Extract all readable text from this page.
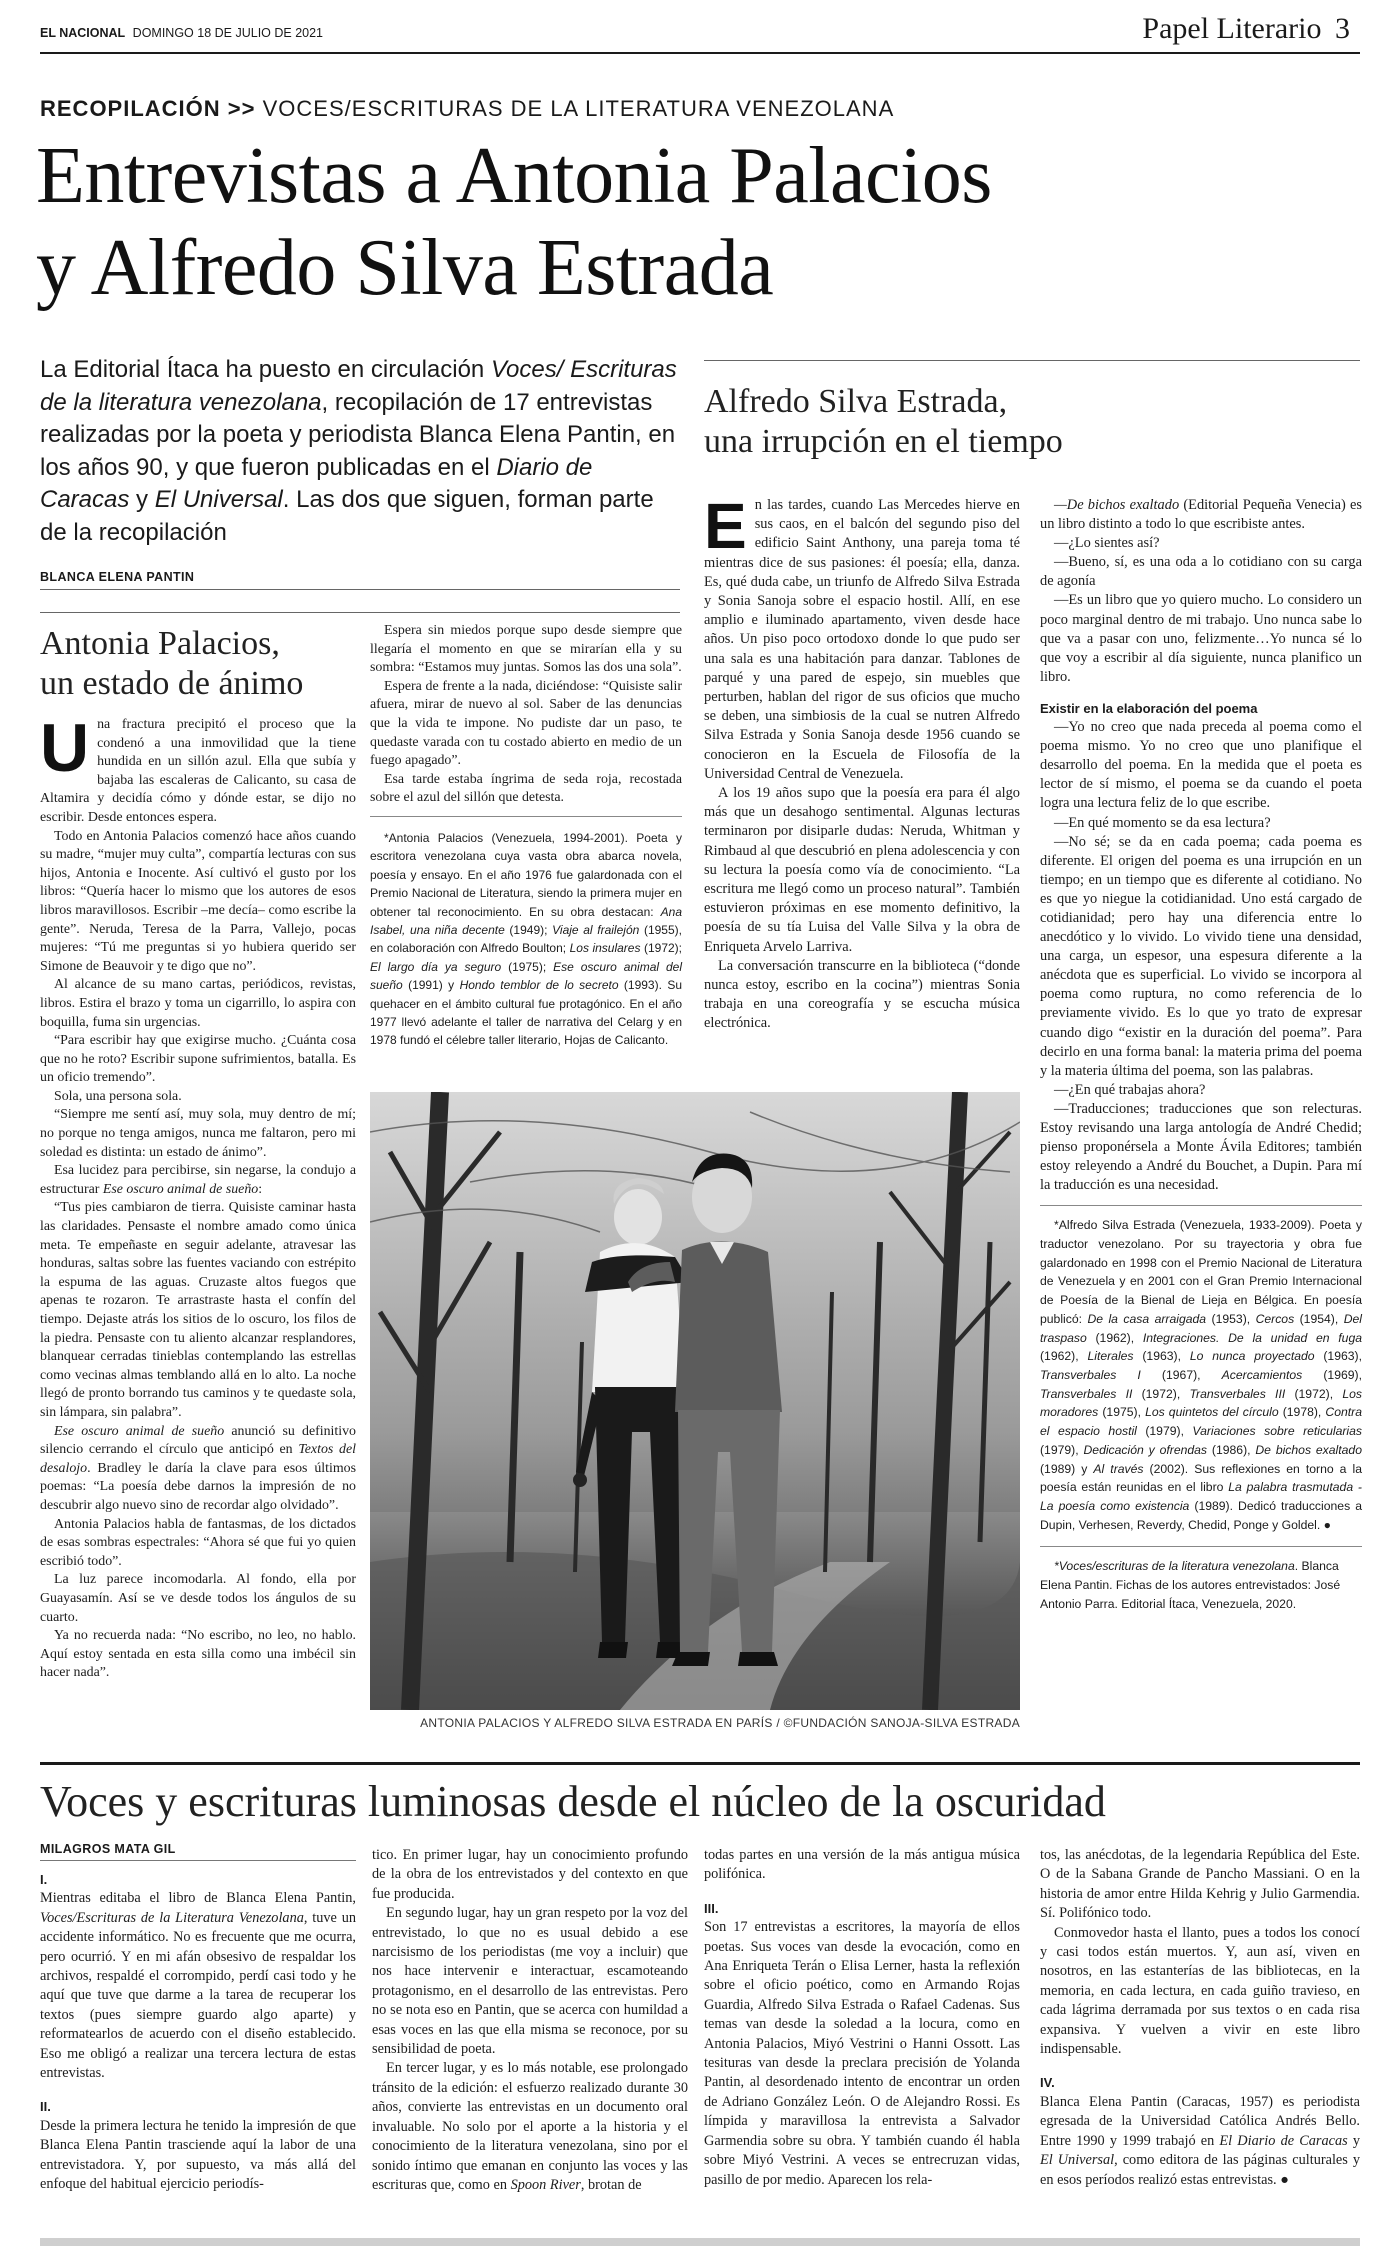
EL NACIONAL DOMINGO 18 DE JULIO DE 2021	Papel Literario 3
RECOPILACIÓN >> VOCES/ESCRITURAS DE LA LITERATURA VENEZOLANA
Entrevistas a Antonia Palacios
y Alfredo Silva Estrada
La Editorial Ítaca ha puesto en circulación Voces/ Escrituras de la literatura venezolana, recopilación de 17 entrevistas realizadas por la poeta y periodista Blanca Elena Pantin, en los años 90, y que fueron publicadas en el Diario de Caracas y El Universal. Las dos que siguen, forman parte de la recopilación
BLANCA ELENA PANTIN
Antonia Palacios,
un estado de ánimo
U na fractura precipitó el proceso que la condenó a una inmovilidad que la tiene hundida en un sillón azul. Ella que subía y bajaba las escaleras de Calicanto, su casa de Altamira y decidía cómo y dónde estar, se dijo no escribir. Desde entonces espera.

Todo en Antonia Palacios comenzó hace años cuando su madre, “mujer muy culta”, compartía lecturas con sus hijos, Antonia e Inocente. Así cultivó el gusto por los libros: “Quería hacer lo mismo que los autores de esos libros maravillosos. Escribir –me decía– como escribe la gente”. Neruda, Teresa de la Parra, Vallejo, pocas mujeres: “Tú me preguntas si yo hubiera querido ser Simone de Beauvoir y te digo que no”.

Al alcance de su mano cartas, periódicos, revistas, libros. Estira el brazo y toma un cigarrillo, lo aspira con boquilla, fuma sin urgencias.

“Para escribir hay que exigirse mucho. ¿Cuánta cosa que no he roto? Escribir supone sufrimientos, batalla. Es un oficio tremendo”.

Sola, una persona sola.

“Siempre me sentí así, muy sola, muy dentro de mí; no porque no tenga amigos, nunca me faltaron, pero mi soledad es distinta: un estado de ánimo”.

Esa lucidez para percibirse, sin negarse, la condujo a estructurar Ese oscuro animal de sueño:

“Tus pies cambiaron de tierra. Quisiste caminar hasta las claridades. Pensaste el nombre amado como única meta. Te empeñaste en seguir adelante, atravesar las honduras, saltas sobre las fuentes vaciando con estrépito la espuma de las aguas. Cruzaste altos fuegos que apenas te rozaron. Te arrastraste hasta el confín del tiempo. Dejaste atrás los sitios de lo oscuro, los filos de la piedra. Pensaste con tu aliento alcanzar resplandores, blanquear cerradas tinieblas contemplando las estrellas como vecinas almas temblando allá en lo alto. La noche llegó de pronto borrando tus caminos y te quedaste sola, sin lámpara, sin palabra”.

Ese oscuro animal de sueño anunció su definitivo silencio cerrando el círculo que anticipó en Textos del desalojo. Bradley le daría la clave para esos últimos poemas: “La poesía debe darnos la impresión de no descubrir algo nuevo sino de recordar algo olvidado”.

Antonia Palacios habla de fantasmas, de los dictados de esas sombras espectrales: “Ahora sé que fui yo quien escribió todo”.

La luz parece incomodarla. Al fondo, ella por Guayasamín. Así se ve desde todos los ángulos de su cuarto.

Ya no recuerda nada: “No escribo, no leo, no hablo. Aquí estoy sentada en esta silla como una imbécil sin hacer nada”.

Espera sin miedos porque supo desde siempre que llegaría el momento en que se mirarían ella y su sombra: “Estamos muy juntas. Somos las dos una sola”.

Espera de frente a la nada, diciéndose: “Quisiste salir afuera, mirar de nuevo al sol. Saber de las denuncias que la vida te impone. No pudiste dar un paso, te quedaste varada con tu costado abierto en medio de un fuego apagado”.

Esa tarde estaba íngrima de seda roja, recostada sobre el azul del sillón que detesta.

*Antonia Palacios (Venezuela, 1994-2001). Poeta y escritora venezolana cuya vasta obra abarca novela, poesía y ensayo. En el año 1976 fue galardonada con el Premio Nacional de Literatura, siendo la primera mujer en obtener tal reconocimiento. En su obra destacan: Ana Isabel, una niña decente (1949); Viaje al frailejón (1955), en colaboración con Alfredo Boulton; Los insulares (1972); El largo día ya seguro (1975); Ese oscuro animal del sueño (1991) y Hondo temblor de lo secreto (1993). Su quehacer en el ámbito cultural fue protagónico. En el año 1977 llevó adelante el taller de narrativa del Celarg y en 1978 fundó el célebre taller literario, Hojas de Calicanto.

Alfredo Silva Estrada,
una irrupción en el tiempo
E n las tardes, cuando Las Mercedes hierve en sus caos, en el balcón del segundo piso del edificio Saint Anthony, una pareja toma té mientras dice de sus pasiones: él poesía; ella, danza. Es, qué duda cabe, un triunfo de Alfredo Silva Estrada y Sonia Sanoja sobre el espacio hostil. Allí, en ese amplio e iluminado apartamento, viven desde hace años. Un piso poco ortodoxo donde lo que pudo ser una sala es una habitación para danzar. Tablones de parqué y una pared de espejo, sin muebles que perturben, hablan del rigor de sus oficios que mucho se deben, una simbiosis de la cual se nutren Alfredo Silva Estrada y Sonia Sanoja desde 1956 cuando se conocieron en la Escuela de Filosofía de la Universidad Central de Venezuela.

A los 19 años supo que la poesía era para él algo más que un desahogo sentimental. Algunas lecturas terminaron por disiparle dudas: Neruda, Whitman y Rimbaud al que descubrió en plena adolescencia y con su lectura la poesía como vía de conocimiento. “La escritura me llegó como un proceso natural”. También estuvieron próximas en ese momento definitivo, la poesía de su tía Luisa del Valle Silva y la obra de Enriqueta Arvelo Larriva.

La conversación transcurre en la biblioteca (“donde nunca estoy, escribo en la cocina”) mientras Sonia trabaja en una coreografía y se escucha música electrónica.

—De bichos exaltado (Editorial Pequeña Venecia) es un libro distinto a todo lo que escribiste antes.

—¿Lo sientes así?

—Bueno, sí, es una oda a lo cotidiano con su carga de agonía

—Es un libro que yo quiero mucho. Lo considero un poco marginal dentro de mi trabajo. Uno nunca sabe lo que va a pasar con uno, felizmente…Yo nunca sé lo que voy a escribir al día siguiente, nunca planifico un libro.

Existir en la elaboración del poema

—Yo no creo que nada preceda al poema como el poema mismo. Yo no creo que uno planifique el desarrollo del poema. En la medida que el poeta es lector de sí mismo, el poema se da cuando el poeta logra una lectura feliz de lo que escribe.

—En qué momento se da esa lectura?

—No sé; se da en cada poema; cada poema es diferente. El origen del poema es una irrupción en un tiempo; en un tiempo que es diferente al cotidiano. No es que yo niegue la cotidianidad. Uno está cargado de cotidianidad; pero hay una diferencia entre lo anecdótico y lo vivido. Lo vivido tiene una densidad, una carga, un espesor, una espesura diferente a la anécdota que es superficial. Lo vivido se incorpora al poema como ruptura, no como referencia de lo previamente vivido. Es lo que yo trato de expresar cuando digo “existir en la duración del poema”. Para decirlo en una forma banal: la materia prima del poema y la materia última del poema, son las palabras.

—¿En qué trabajas ahora?

—Traducciones; traducciones que son relecturas. Estoy revisando una larga antología de André Chedid; pienso proponérsela a Monte Ávila Editores; también estoy releyendo a André du Bouchet, a Dupin. Para mí la traducción es una necesidad.

*Alfredo Silva Estrada (Venezuela, 1933-2009). Poeta y traductor venezolano. Por su trayectoria y obra fue galardonado en 1998 con el Premio Nacional de Literatura de Venezuela y en 2001 con el Gran Premio Internacional de Poesía de la Bienal de Lieja en Bélgica. En poesía publicó: De la casa arraigada (1953), Cercos (1954), Del traspaso (1962), Integraciones. De la unidad en fuga (1962), Literales (1963), Lo nunca proyectado (1963), Transverbales I (1967), Acercamientos (1969), Transverbales II (1972), Transverbales III (1972), Los moradores (1975), Los quintetos del círculo (1978), Contra el espacio hostil (1979), Variaciones sobre reticularias (1979), Dedicación y ofrendas (1986), De bichos exaltado (1989) y Al través (2002). Sus reflexiones en torno a la poesía están reunidas en el libro La palabra trasmutada - La poesía como existencia (1989). Dedicó traducciones a Dupin, Verhesen, Reverdy, Chedid, Ponge y Goldel. ●

*Voces/escrituras de la literatura venezolana. Blanca Elena Pantin. Fichas de los autores entrevistados: José Antonio Parra. Editorial Ítaca, Venezuela, 2020.

ANTONIA PALACIOS Y ALFREDO SILVA ESTRADA EN PARÍS / ©FUNDACIÓN SANOJA-SILVA ESTRADA
Voces y escrituras luminosas desde el núcleo de la oscuridad
MILAGROS MATA GIL

I.

Mientras editaba el libro de Blanca Elena Pantin, Voces/Escrituras de la Literatura Venezolana, tuve un accidente informático. No es frecuente que me ocurra, pero ocurrió. Y en mi afán obsesivo de respaldar los archivos, respaldé el corrompido, perdí casi todo y he aquí que tuve que darme a la tarea de recuperar los textos (pues siempre guardo algo aparte) y reformatearlos de acuerdo con el diseño establecido. Eso me obligó a realizar una tercera lectura de estas entrevistas.

II.

Desde la primera lectura he tenido la impresión de que Blanca Elena Pantin trasciende aquí la labor de una entrevistadora. Y, por supuesto, va más allá del enfoque del habitual ejercicio periodís-

tico. En primer lugar, hay un conocimiento profundo de la obra de los entrevistados y del contexto en que fue producida.

En segundo lugar, hay un gran respeto por la voz del entrevistado, lo que no es usual debido a ese narcisismo de los periodistas (me voy a incluir) que nos hace intervenir e interactuar, escamoteando protagonismo, en el desarrollo de las entrevistas. Pero no se nota eso en Pantin, que se acerca con humildad a esas voces en las que ella misma se reconoce, por su sensibilidad de poeta.

En tercer lugar, y es lo más notable, ese prolongado tránsito de la edición: el esfuerzo realizado durante 30 años, convierte las entrevistas en un documento oral invaluable. No solo por el aporte a la historia y el conocimiento de la literatura venezolana, sino por el sonido íntimo que emanan en conjunto las voces y las escrituras que, como en Spoon River, brotan de

todas partes en una versión de la más antigua música polifónica.

III.

Son 17 entrevistas a escritores, la mayoría de ellos poetas. Sus voces van desde la evocación, como en Ana Enriqueta Terán o Elisa Lerner, hasta la reflexión sobre el oficio poético, como en Armando Rojas Guardia, Alfredo Silva Estrada o Rafael Cadenas. Sus temas van desde la soledad a la locura, como en Antonia Palacios, Miyó Vestrini o Hanni Ossott. Las tesituras van desde la preclara precisión de Yolanda Pantin, al desordenado intento de encontrar un orden de Adriano González León. O de Alejandro Rossi. Es límpida y maravillosa la entrevista a Salvador Garmendia sobre su obra. Y también cuando él habla sobre Miyó Vestrini. A veces se entrecruzan vidas, pasillo de por medio. Aparecen los rela-

tos, las anécdotas, de la legendaria República del Este. O de la Sabana Grande de Pancho Massiani. O en la historia de amor entre Hilda Kehrig y Julio Garmendia. Sí. Polifónico todo.

Conmovedor hasta el llanto, pues a todos los conocí y casi todos están muertos. Y, aun así, viven en nosotros, en las estanterías de las bibliotecas, en la memoria, en cada lectura, en cada guiño travieso, en cada lágrima derramada por sus textos o en cada risa expansiva. Y vuelven a vivir en este libro indispensable.

IV.

Blanca Elena Pantin (Caracas, 1957) es periodista egresada de la Universidad Católica Andrés Bello. Entre 1990 y 1999 trabajó en El Diario de Caracas y El Universal, como editora de las páginas culturales y en esos períodos realizó estas entrevistas. ●
